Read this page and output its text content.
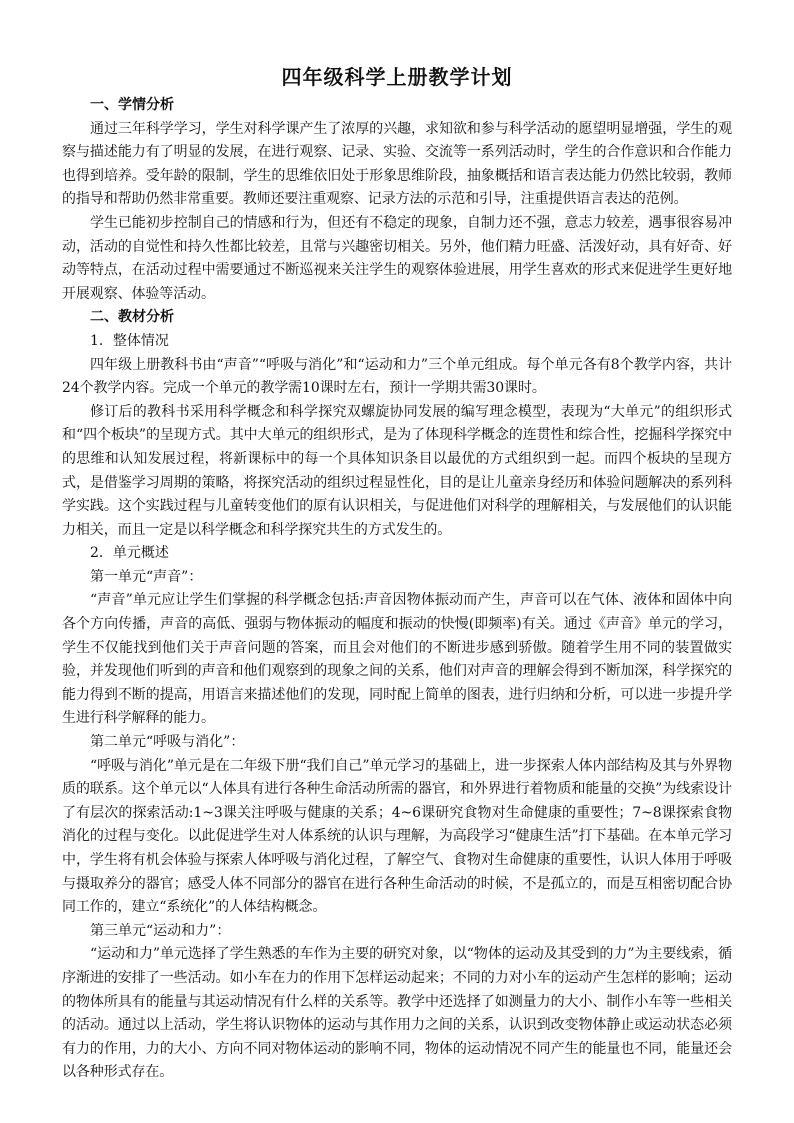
四年级科学上册教学计划
一、学情分析

通过三年科学学习，学生对科学课产生了浓厚的兴趣，求知欲和参与科学活动的愿望明显增强，学生的观察与描述能力有了明显的发展，在进行观察、记录、实验、交流等一系列活动时，学生的合作意识和合作能力也得到培养。受年龄的限制，学生的思维依旧处于形象思维阶段，抽象概括和语言表达能力仍然比较弱，教师的指导和帮助仍然非常重要。教师还要注重观察、记录方法的示范和引导，注重提供语言表达的范例。

学生已能初步控制自己的情感和行为，但还有不稳定的现象，自制力还不强，意志力较差，遇事很容易冲动，活动的自觉性和持久性都比较差，且常与兴趣密切相关。另外，他们精力旺盛、活泼好动，具有好奇、好动等特点，在活动过程中需要通过不断巡视来关注学生的观察体验进展，用学生喜欢的形式来促进学生更好地开展观察、体验等活动。

二、教材分析
1．整体情况

四年级上册教科书由“声音”“呼吸与消化”和“运动和力”三个单元组成。每个单元各有8个教学内容，共计24个教学内容。完成一个单元的教学需10课时左右，预计一学期共需30课时。

修订后的教科书采用科学概念和科学探究双螺旋协同发展的编写理念模型，表现为“大单元”的组织形式和“四个板块”的呈现方式。其中大单元的组织形式，是为了体现科学概念的连贯性和综合性，挖掘科学探究中的思维和认知发展过程，将新课标中的每一个具体知识条目以最优的方式组织到一起。而四个板块的呈现方式，是借鉴学习周期的策略，将探究活动的组织过程显性化，目的是让儿童亲身经历和体验问题解决的系列科学实践。这个实践过程与儿童转变他们的原有认识相关，与促进他们对科学的理解相关，与发展他们的认识能力相关，而且一定是以科学概念和科学探究共生的方式发生的。

2．单元概述
第一单元“声音”：

“声音”单元应让学生们掌握的科学概念包括:声音因物体振动而产生，声音可以在气体、液体和固体中向各个方向传播，声音的高低、强弱与物体振动的幅度和振动的快慢(即频率)有关。通过《声音》单元的学习，学生不仅能找到他们关于声音问题的答案，而且会对他们的不断进步感到骄傲。随着学生用不同的装置做实验，并发现他们听到的声音和他们观察到的现象之间的关系，他们对声音的理解会得到不断加深，科学探究的能力得到不断的提高，用语言来描述他们的发现，同时配上简单的图表，进行归纳和分析，可以进一步提升学生进行科学解释的能力。

第二单元“呼吸与消化”：

“呼吸与消化”单元是在二年级下册“我们自己”单元学习的基础上，进一步探索人体内部结构及其与外界物质的联系。这个单元以“人体具有进行各种生命活动所需的器官，和外界进行着物质和能量的交换”为线索设计了有层次的探索活动:1~3课关注呼吸与健康的关系；4~6课研究食物对生命健康的重要性；7~8课探索食物消化的过程与变化。以此促进学生对人体系统的认识与理解，为高段学习“健康生活”打下基础。在本单元学习中，学生将有机会体验与探索人体呼吸与消化过程，了解空气、食物对生命健康的重要性，认识人体用于呼吸与摄取养分的器官；感受人体不同部分的器官在进行各种生命活动的时候，不是孤立的，而是互相密切配合协同工作的，建立“系统化”的人体结构概念。

第三单元“运动和力”：

“运动和力”单元选择了学生熟悉的车作为主要的研究对象，以“物体的运动及其受到的力”为主要线索，循序渐进的安排了一些活动。如小车在力的作用下怎样运动起来；不同的力对小车的运动产生怎样的影响；运动的物体所具有的能量与其运动情况有什么样的关系等。教学中还选择了如测量力的大小、制作小车等一些相关的活动。通过以上活动，学生将认识物体的运动与其作用力之间的关系，认识到改变物体静止或运动状态必须有力的作用，力的大小、方向不同对物体运动的影响不同，物体的运动情况不同产生的能量也不同，能量还会以各种形式存在。
